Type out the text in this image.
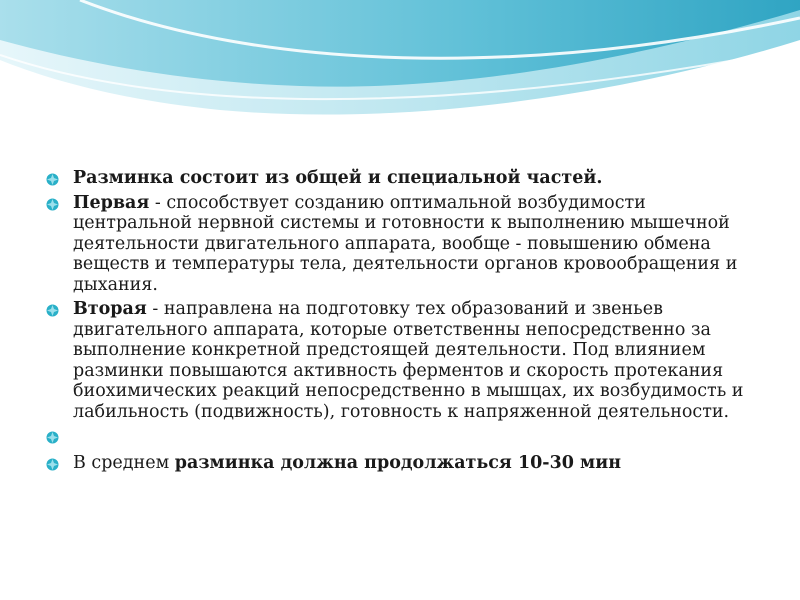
Разминка состоит из общей и специальной частей.
Первая - способствует созданию оптимальной возбудимости центральной нервной системы и готовности к выполнению мышечной деятельности двигательного аппарата, вообще - повышению обмена веществ и температуры тела, деятельности органов кровообращения и дыхания.
Вторая - направлена на подготовку тех образований и звеньев двигательного аппарата, которые ответственны непосредственно за выполнение конкретной предстоящей деятельности. Под влиянием разминки повышаются активность ферментов и скорость протекания биохимических реакций непосредственно в мышцах, их возбудимость и лабильность (подвижность), готовность к напряженной деятельности.
В среднем разминка должна продолжаться 10-30 мин
